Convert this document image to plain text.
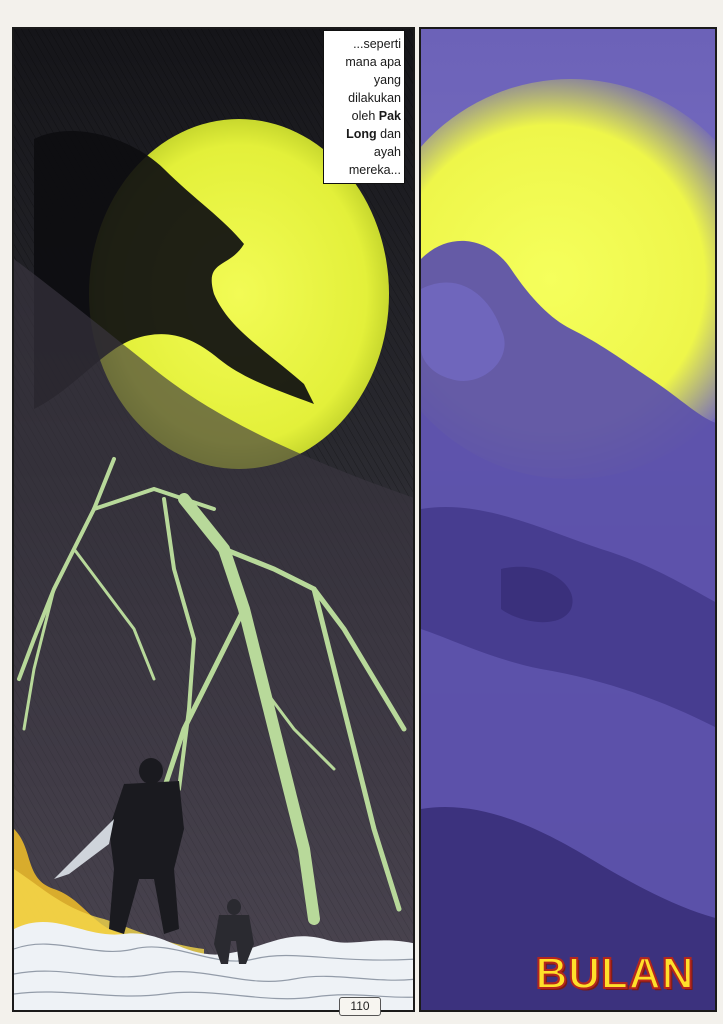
...seperti
mana apa
yang
dilakukan
oleh Pak
Long dan
ayah
mereka...
110
BULAN
